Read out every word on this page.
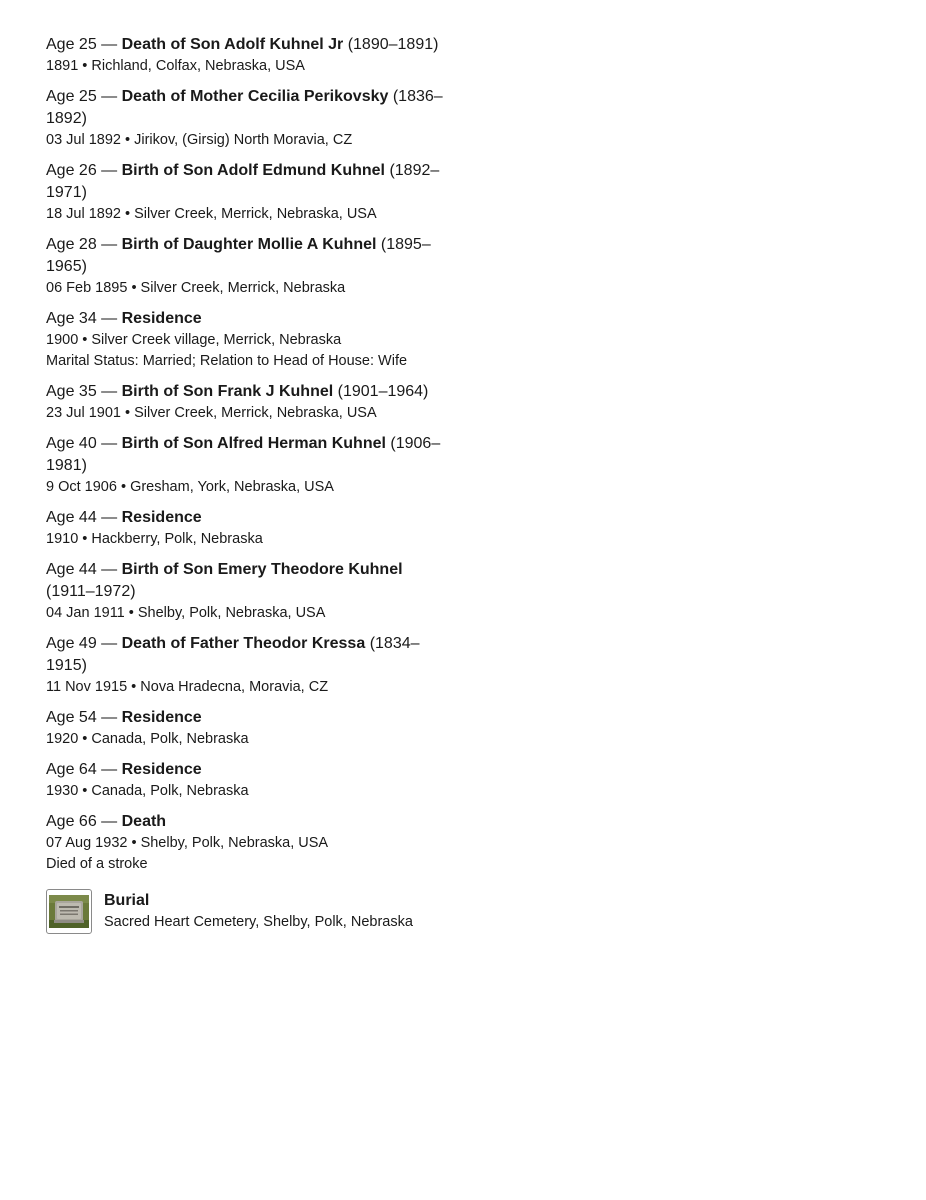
Age 25 — Death of Son Adolf Kuhnel Jr (1890–1891)
1891 • Richland, Colfax, Nebraska, USA
Age 25 — Death of Mother Cecilia Perikovsky (1836–1892)
03 Jul 1892 • Jirikov, (Girsig) North Moravia, CZ
Age 26 — Birth of Son Adolf Edmund Kuhnel (1892–1971)
18 Jul 1892 • Silver Creek, Merrick, Nebraska, USA
Age 28 — Birth of Daughter Mollie A Kuhnel (1895–1965)
06 Feb 1895 • Silver Creek, Merrick, Nebraska
Age 34 — Residence
1900 • Silver Creek village, Merrick, Nebraska
Marital Status: Married; Relation to Head of House: Wife
Age 35 — Birth of Son Frank J Kuhnel (1901–1964)
23 Jul 1901 • Silver Creek, Merrick, Nebraska, USA
Age 40 — Birth of Son Alfred Herman Kuhnel (1906–1981)
9 Oct 1906 • Gresham, York, Nebraska, USA
Age 44 — Residence
1910 • Hackberry, Polk, Nebraska
Age 44 — Birth of Son Emery Theodore Kuhnel (1911–1972)
04 Jan 1911 • Shelby, Polk, Nebraska, USA
Age 49 — Death of Father Theodor Kressa (1834–1915)
11 Nov 1915 • Nova Hradecna, Moravia, CZ
Age 54 — Residence
1920 • Canada, Polk, Nebraska
Age 64 — Residence
1930 • Canada, Polk, Nebraska
Age 66 — Death
07 Aug 1932 • Shelby, Polk, Nebraska, USA
Died of a stroke
Burial
Sacred Heart Cemetery, Shelby, Polk, Nebraska
